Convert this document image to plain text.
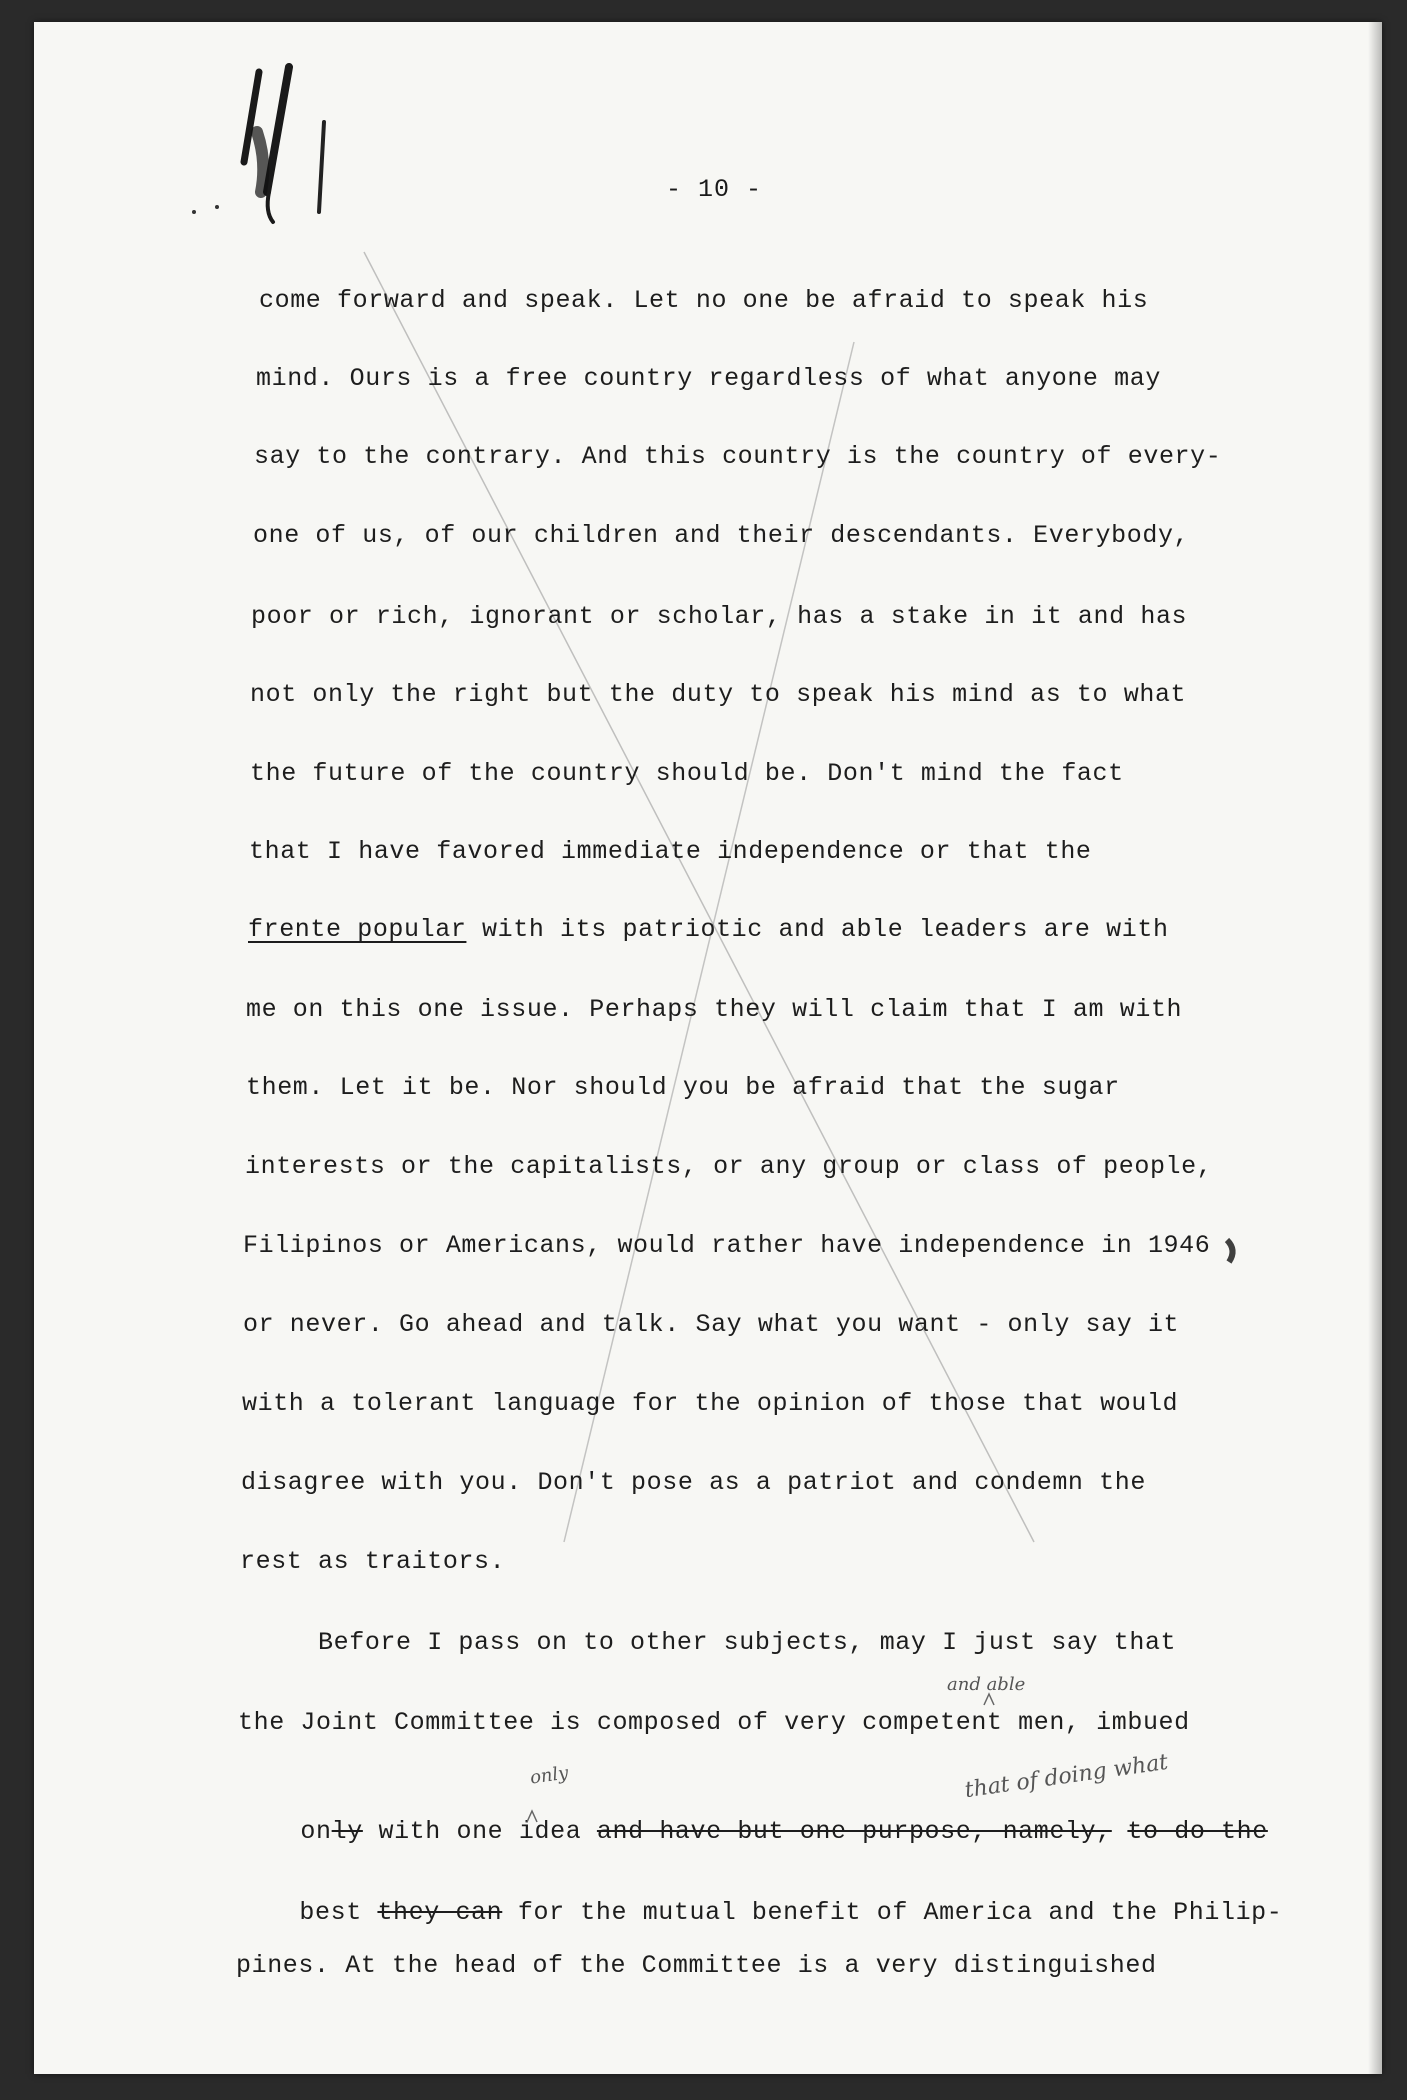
- 10 -
come forward and speak. Let no one be afraid to speak his
mind. Ours is a free country regardless of what anyone may
say to the contrary. And this country is the country of every-
one of us, of our children and their descendants. Everybody,
poor or rich, ignorant or scholar, has a stake in it and has
not only the right but the duty to speak his mind as to what
the future of the country should be. Don't mind the fact
that I have favored immediate independence or that the
frente popular with its patriotic and able leaders are with
me on this one issue. Perhaps they will claim that I am with
them. Let it be. Nor should you be afraid that the sugar
interests or the capitalists, or any group or class of people,
Filipinos or Americans, would rather have independence in 1946
or never. Go ahead and talk. Say what you want - only say it
with a tolerant language for the opinion of those that would
disagree with you. Don't pose as a patriot and condemn the
rest as traitors.
Before I pass on to other subjects, may I just say that
the Joint Committee is composed of very competent men, imbued

only with one idea and have but one purpose, namely, to do the

best they can for the mutual benefit of America and the Philip-

pines. At the head of the Committee is a very distinguished
and able
only	that of doing what
